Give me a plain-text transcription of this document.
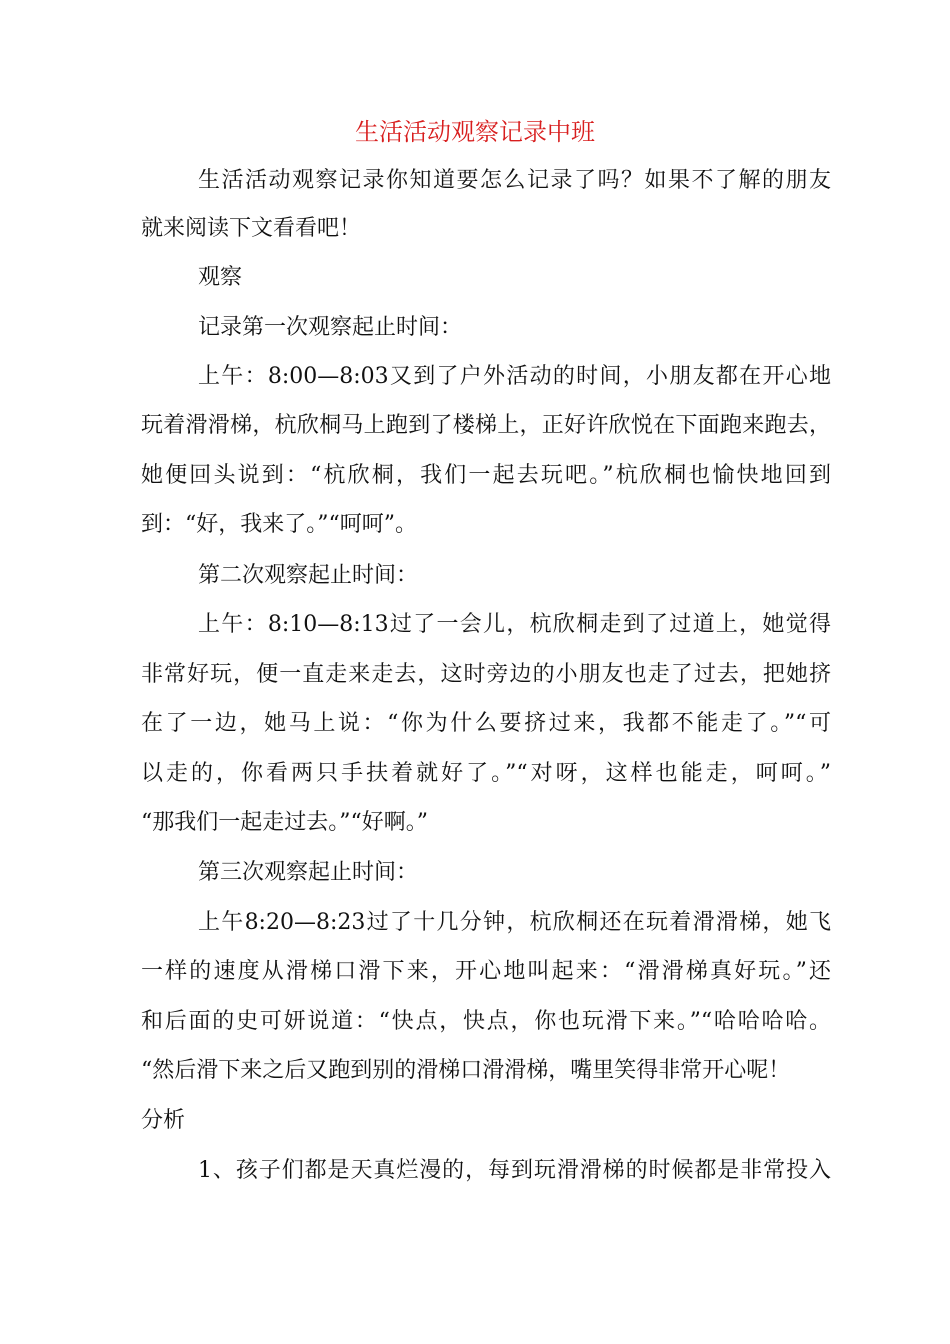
生活活动观察记录中班
生活活动观察记录你知道要怎么记录了吗？如果不了解的朋友
就来阅读下文看看吧！
观察
记录第一次观察起止时间：
上午：8:00—8:03又到了户外活动的时间，小朋友都在开心地
玩着滑滑梯，杭欣桐马上跑到了楼梯上，正好许欣悦在下面跑来跑去，
她便回头说到：“杭欣桐，我们一起去玩吧。”杭欣桐也愉快地回到
到：“好，我来了。”“呵呵”。
第二次观察起止时间：
上午：8:10—8:13过了一会儿，杭欣桐走到了过道上，她觉得
非常好玩，便一直走来走去，这时旁边的小朋友也走了过去，把她挤
在了一边，她马上说：“你为什么要挤过来，我都不能走了。”“可
以走的，你看两只手扶着就好了。”“对呀，这样也能走，呵呵。”
“那我们一起走过去。”“好啊。”
第三次观察起止时间：
上午8:20—8:23过了十几分钟，杭欣桐还在玩着滑滑梯，她飞
一样的速度从滑梯口滑下来，开心地叫起来：“滑滑梯真好玩。”还
和后面的史可妍说道：“快点，快点，你也玩滑下来。”“哈哈哈哈。
“然后滑下来之后又跑到别的滑梯口滑滑梯，嘴里笑得非常开心呢！
分析
1、孩子们都是天真烂漫的，每到玩滑滑梯的时候都是非常投入
